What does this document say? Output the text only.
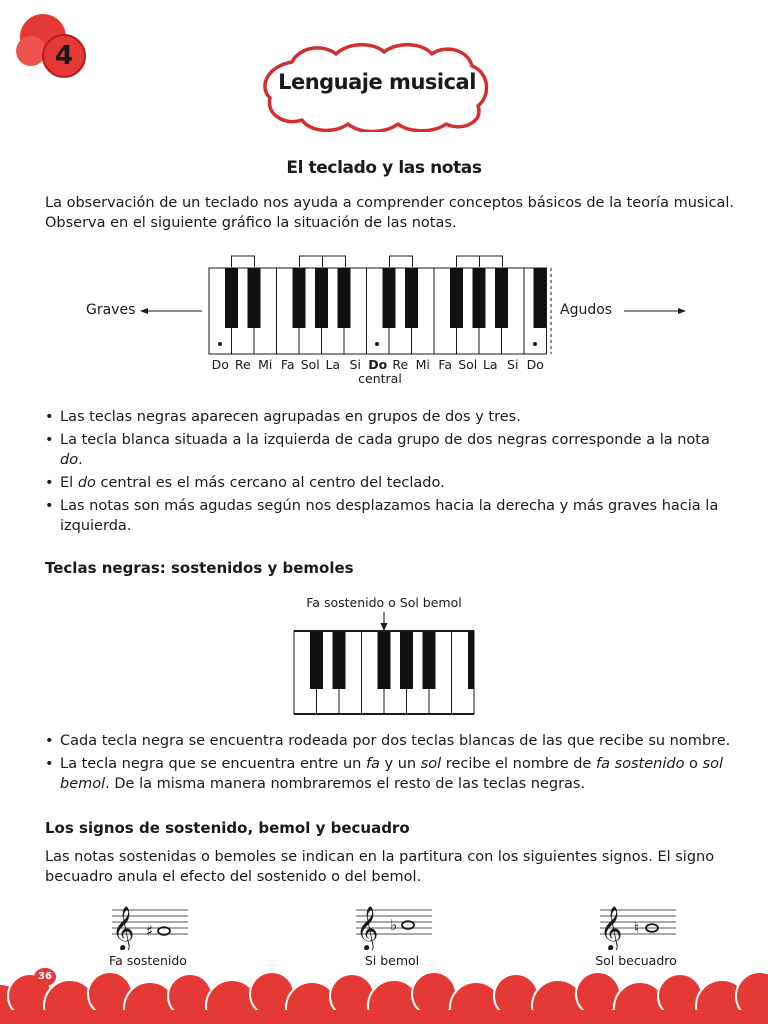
4
Lenguaje musical
El teclado y las notas
La observación de un teclado nos ayuda a comprender conceptos básicos de la teoría musical. Observa en el siguiente gráfico la situación de las notas.
Graves	Agudos
Do Re Mi Fa Sol La Si Do Re Mi Fa Sol La Si Do
central
• Las teclas negras aparecen agrupadas en grupos de dos y tres.
• La tecla blanca situada a la izquierda de cada grupo de dos negras corresponde a la nota do.
• El do central es el más cercano al centro del teclado.
• Las notas son más agudas según nos desplazamos hacia la derecha y más graves hacia la izquierda.
Teclas negras: sostenidos y bemoles
Fa sostenido o Sol bemol
• Cada tecla negra se encuentra rodeada por dos teclas blancas de las que recibe su nombre.
• La tecla negra que se encuentra entre un fa y un sol recibe el nombre de fa sostenido o sol bemol. De la misma manera nombraremos el resto de las teclas negras.
Los signos de sostenido, bemol y becuadro
Las notas sostenidas o bemoles se indican en la partitura con los siguientes signos. El signo becuadro anula el efecto del sostenido o del bemol.
𝄞 ♯
Fa sostenido
𝄞 ♭
Si bemol
𝄞 ♮
Sol becuadro
36
